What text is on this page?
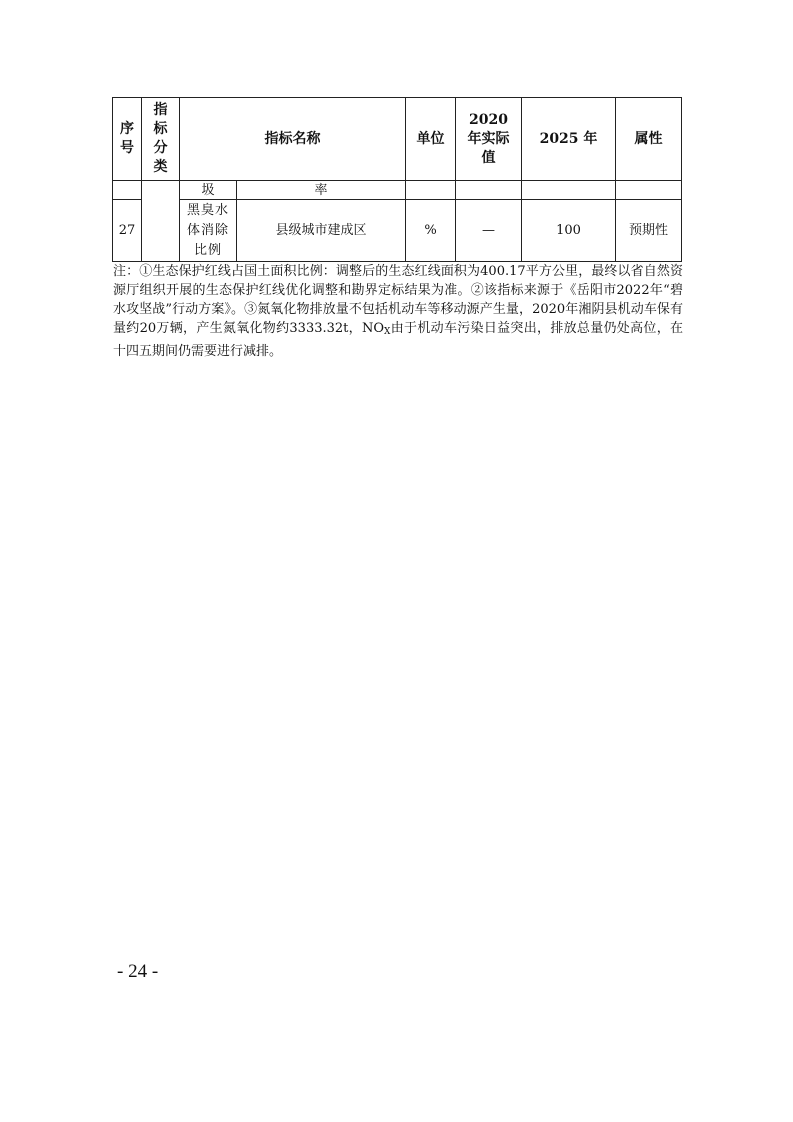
序号	指标分类	指标名称		单位	2020 年实际值	2025 年	属性
		圾	率				
27		黑臭水体消除比例	县级城市建成区	%	—	100	预期性

注：①生态保护红线占国土面积比例：调整后的生态红线面积为400.17平方公里，最终以省自然资源厅组织开展的生态保护红线优化调整和勘界定标结果为准。②该指标来源于《岳阳市2022年“碧水攻坚战”行动方案》。③氮氧化物排放量不包括机动车等移动源产生量，2020年湘阴县机动车保有量约20万辆，产生氮氧化物约3333.32t，$NO_X$由于机动车污染日益突出，排放总量仍处高位，在十四五期间仍需要进行减排。

- 24 -
